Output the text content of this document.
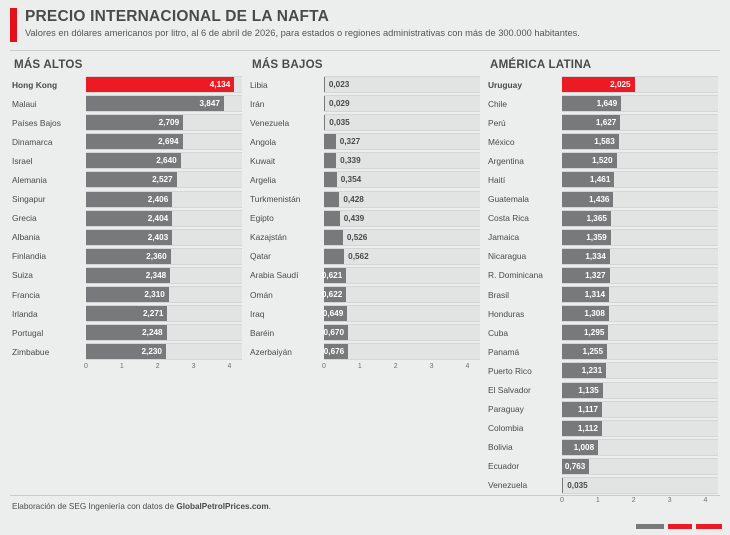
PRECIO INTERNACIONAL DE LA NAFTA

Valores en dólares americanos por litro, al 6 de abril de 2026, para estados o regiones administrativas con más de 300.000 habitantes.

MÁS ALTOS
Hong Kong	4,134
Malaui	3,847
Países Bajos	2,709
Dinamarca	2,694
Israel	2,640
Alemania	2,527
Singapur	2,406
Grecia	2,404
Albania	2,403
Finlandia	2,360
Suiza	2,348
Francia	2,310
Irlanda	2,271
Portugal	2,248
Zimbabue	2,230
0	1	2	3	4
MÁS BAJOS
Libia	0,023
Irán	0,029
Venezuela	0,035
Angola	0,327
Kuwait	0,339
Argelia	0,354
Turkmenistán	0,428
Egipto	0,439
Kazajstán	0,526
Qatar	0,562
Arabia Saudí	0,621
Omán	0,622
Iraq	0,649
Baréin	0,670
Azerbaiyán	0,676
0	1	2	3	4
AMÉRICA LATINA
Uruguay	2,025
Chile	1,649
Perú	1,627
México	1,583
Argentina	1,520
Haití	1,461
Guatemala	1,436
Costa Rica	1,365
Jamaica	1,359
Nicaragua	1,334
R. Dominicana	1,327
Brasil	1,314
Honduras	1,308
Cuba	1,295
Panamá	1,255
Puerto Rico	1,231
El Salvador	1,135
Paraguay	1,117
Colombia	1,112
Bolivia	1,008
Ecuador	0,763
Venezuela	0,035
0	1	2	3	4
Elaboración de SEG Ingeniería con datos de GlobalPetrolPrices.com.
